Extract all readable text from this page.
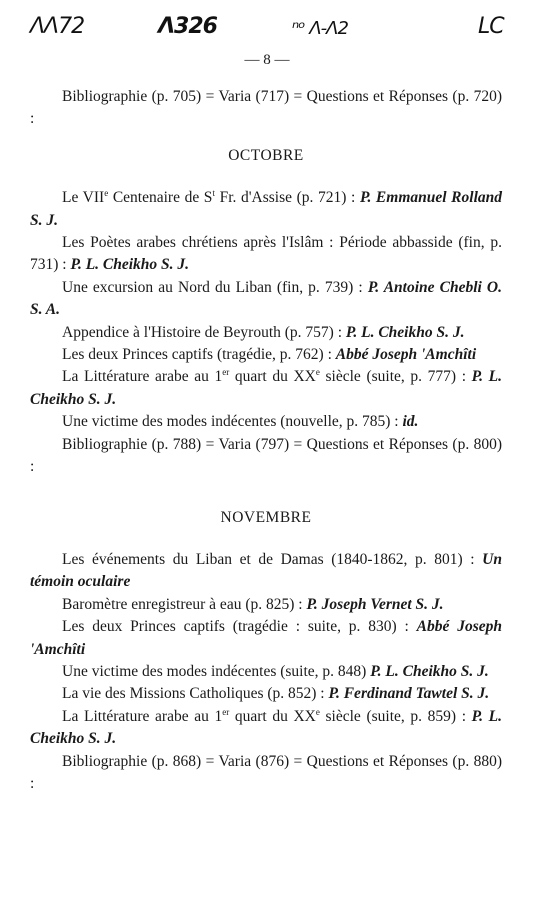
ΛΛ72	Λ326	ⁿᵒ Λ-Λ2	LC
— 8 —

Bibliographie (p. 705) = Varia (717) = Questions et Réponses (p. 720) :

OCTOBRE

Le VIIe Centenaire de $S^t$ Fr. d'Assise (p. 721) : P. Emmanuel Rolland S. J.

Les Poètes arabes chrétiens après l'Islâm : Période abbasside (fin, p. 731) : P. L. Cheikho S. J.

Une excursion au Nord du Liban (fin, p. 739) : P. Antoine Chebli O. S. A.

Appendice à l'Histoire de Beyrouth (p. 757) : P. L. Cheikho S. J.

Les deux Princes captifs (tragédie, p. 762) : Abbé Joseph 'Amchîti

La Littérature arabe au 1er quart du XXe siècle (suite, p. 777) : P. L. Cheikho S. J.

Une victime des modes indécentes (nouvelle, p. 785) : id.

Bibliographie (p. 788) = Varia (797) = Questions et Réponses (p. 800) :

NOVEMBRE

Les événements du Liban et de Damas (1840-1862, p. 801) : Un témoin oculaire

Baromètre enregistreur à eau (p. 825) : P. Joseph Vernet S. J.

Les deux Princes captifs (tragédie : suite, p. 830) : Abbé Joseph 'Amchîti

Une victime des modes indécentes (suite, p. 848) P. L. Cheikho S. J.

La vie des Missions Catholiques (p. 852) : P. Ferdinand Tawtel S. J.

La Littérature arabe au 1er quart du XXe siècle (suite, p. 859) : P. L. Cheikho S. J.

Bibliographie (p. 868) = Varia (876) = Questions et Réponses (p. 880) :
